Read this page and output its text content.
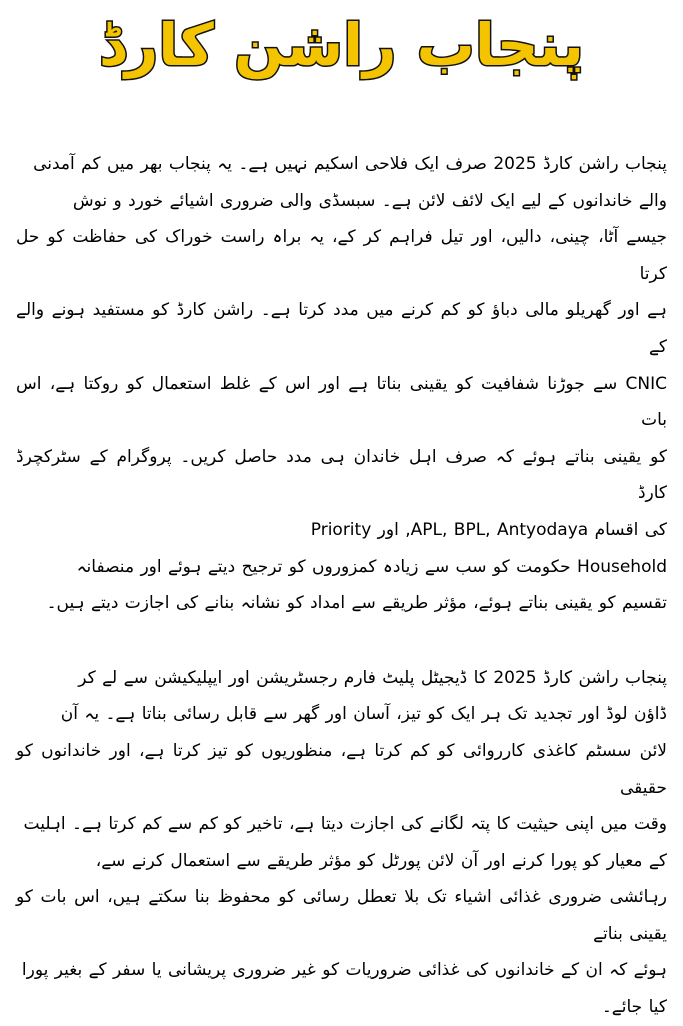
پنجاب راشن کارڈ
پنجاب راشن کارڈ 2025 صرف ایک فلاحی اسکیم نہیں ہے۔ یہ پنجاب بھر میں کم آمدنی
والے خاندانوں کے لیے ایک لائف لائن ہے۔ سبسڈی والی ضروری اشیائے خورد و نوش
جیسے آٹا، چینی، دالیں، اور تیل فراہم کر کے، یہ براہ راست خوراک کی حفاظت کو حل کرتا
ہے اور گھریلو مالی دباؤ کو کم کرنے میں مدد کرتا ہے۔ راشن کارڈ کو مستفید ہونے والے کے
CNIC سے جوڑنا شفافیت کو یقینی بناتا ہے اور اس کے غلط استعمال کو روکتا ہے، اس بات
کو یقینی بناتے ہوئے کہ صرف اہل خاندان ہی مدد حاصل کریں۔ پروگرام کے سٹرکچرڈ کارڈ
کی اقسام APL, BPL, Antyodaya, اور Priority
Household حکومت کو سب سے زیادہ کمزوروں کو ترجیح دیتے ہوئے اور منصفانہ
تقسیم کو یقینی بناتے ہوئے، مؤثر طریقے سے امداد کو نشانہ بنانے کی اجازت دیتے ہیں۔
پنجاب راشن کارڈ 2025 کا ڈیجیٹل پلیٹ فارم رجسٹریشن اور ایپلیکیشن سے لے کر
ڈاؤن لوڈ اور تجدید تک ہر ایک کو تیز، آسان اور گھر سے قابل رسائی بناتا ہے۔ یہ آن
لائن سسٹم کاغذی کارروائی کو کم کرتا ہے، منظوریوں کو تیز کرتا ہے، اور خاندانوں کو حقیقی
وقت میں اپنی حیثیت کا پتہ لگانے کی اجازت دیتا ہے، تاخیر کو کم سے کم کرتا ہے۔ اہلیت
کے معیار کو پورا کرنے اور آن لائن پورٹل کو مؤثر طریقے سے استعمال کرنے سے،
رہائشی ضروری غذائی اشیاء تک بلا تعطل رسائی کو محفوظ بنا سکتے ہیں، اس بات کو یقینی بناتے
ہوئے کہ ان کے خاندانوں کی غذائی ضروریات کو غیر ضروری پریشانی یا سفر کے بغیر پورا
کیا جائے۔
